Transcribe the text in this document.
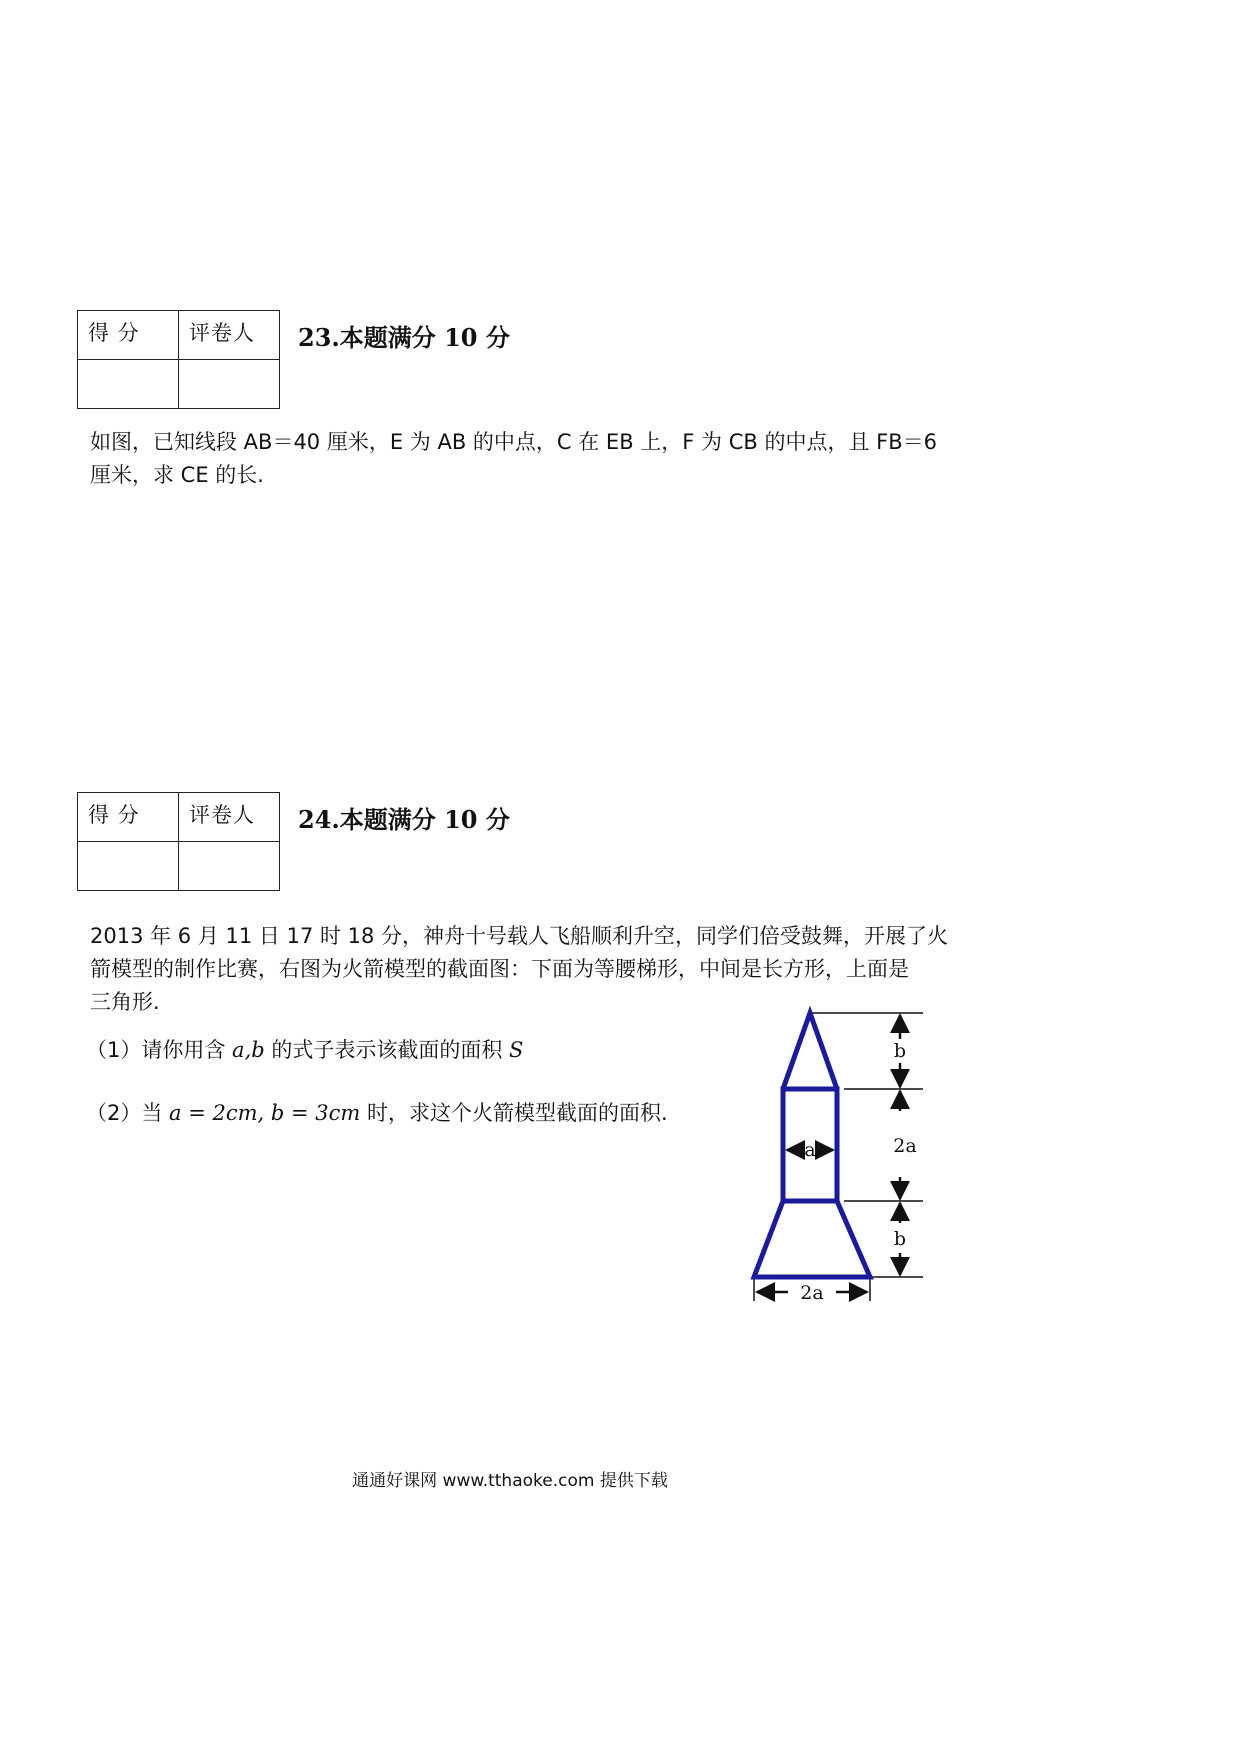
得 分	评卷人

		23.本题满分 10 分

如图，已知线段 AB＝40 厘米，E 为 AB 的中点，C 在 EB 上，F 为 CB 的中点，且 FB＝6

厘米，求 CE 的长.

得 分	评卷人

		24.本题满分 10 分

2013 年 6 月 11 日 17 时 18 分，神舟十号载人飞船顺利升空，同学们倍受鼓舞，开展了火

箭模型的制作比赛，右图为火箭模型的截面图：下面为等腰梯形，中间是长方形，上面是

三角形.

（1）请你用含 a,b 的式子表示该截面的面积 S
（2）当 a = 2cm, b = 3cm 时，求这个火箭模型截面的面积.
b
2a
a
b
2a
通通好课网 www.tthaoke.com 提供下载
